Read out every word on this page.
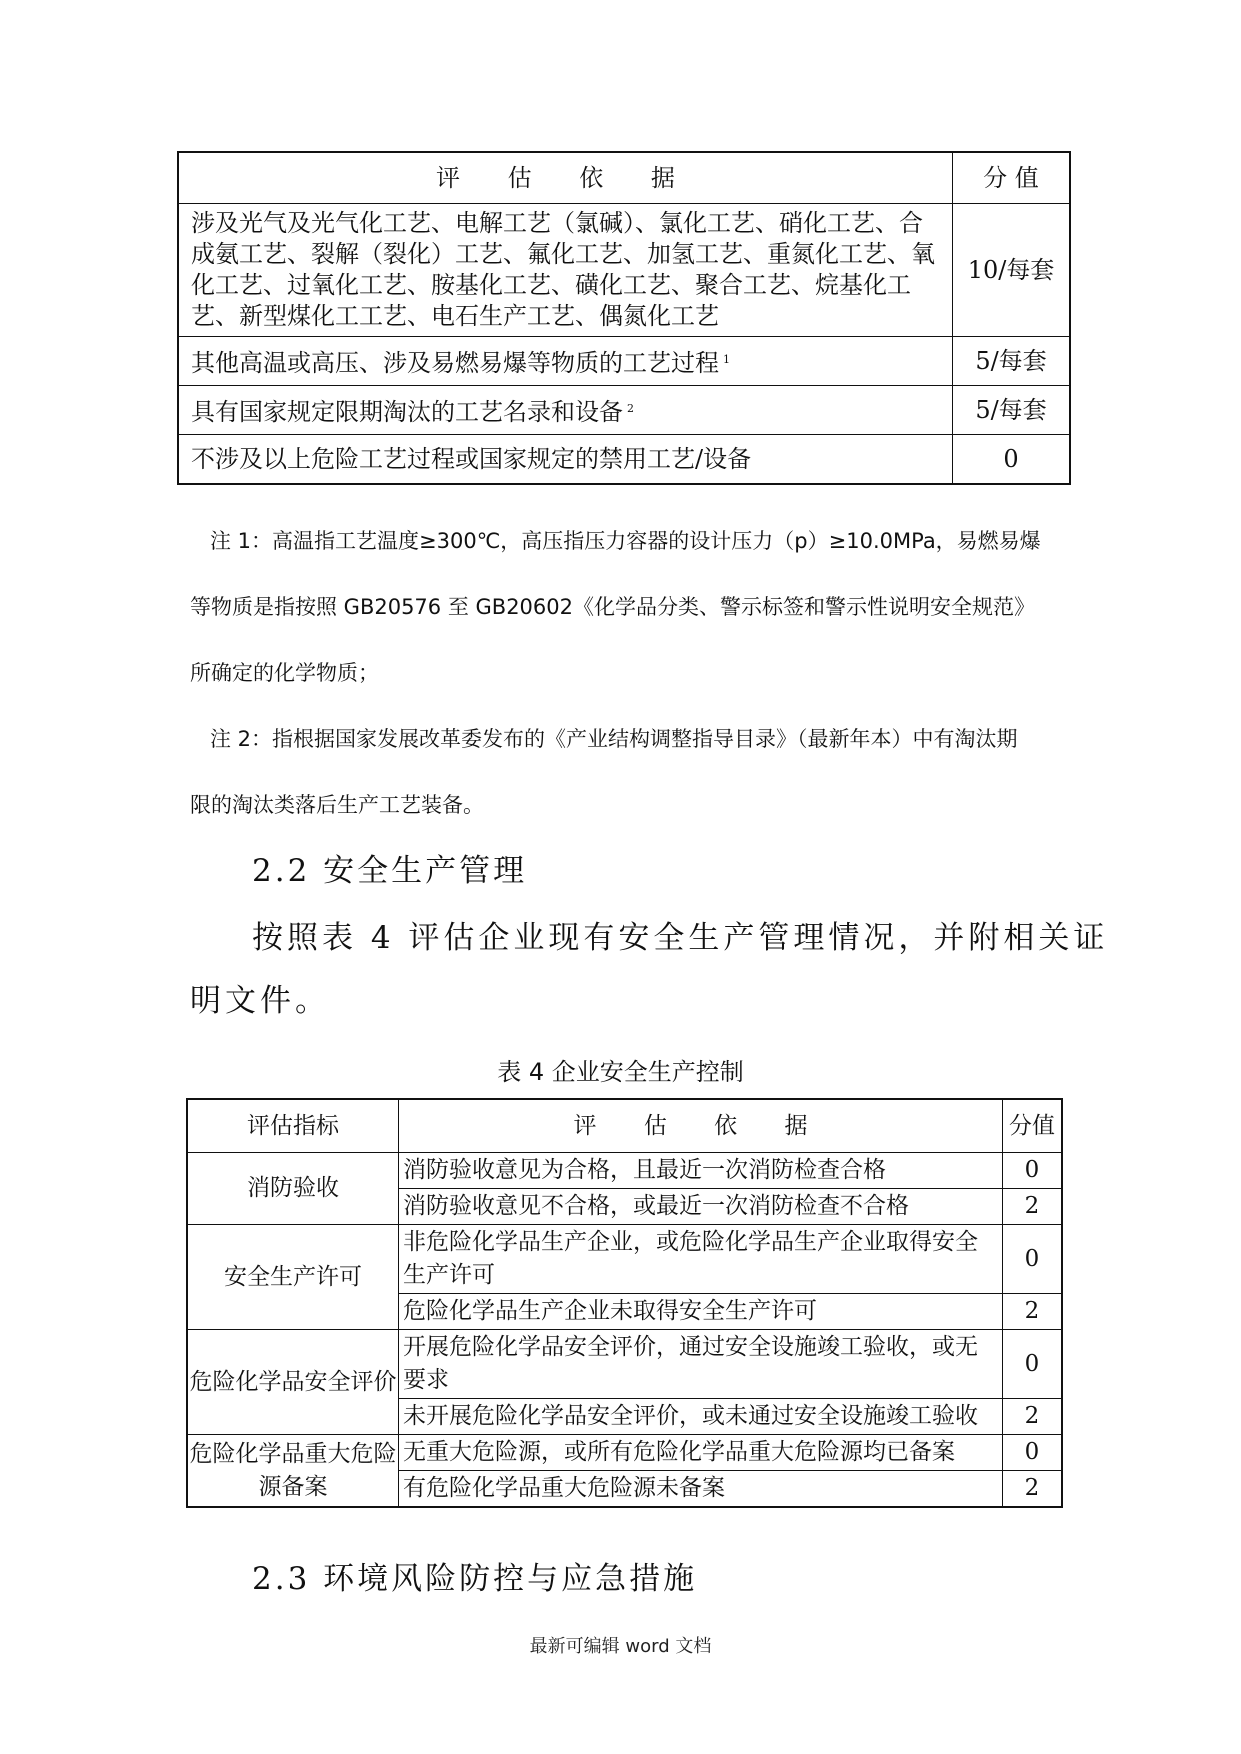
评 估 依 据	分 值
涉及光气及光气化工艺、电解工艺（氯碱）、氯化工艺、硝化工艺、合成氨工艺、裂解（裂化）工艺、氟化工艺、加氢工艺、重氮化工艺、氧化工艺、过氧化工艺、胺基化工艺、磺化工艺、聚合工艺、烷基化工艺、新型煤化工工艺、电石生产工艺、偶氮化工艺	10/每套
其他高温或高压、涉及易燃易爆等物质的工艺过程 $^1$	5/每套
具有国家规定限期淘汰的工艺名录和设备 $^2$	5/每套
不涉及以上危险工艺过程或国家规定的禁用工艺/设备	0
注 1：高温指工艺温度≥300℃，高压指压力容器的设计压力（p）≥10.0MPa，易燃易爆
等物质是指按照 GB20576 至 GB20602《化学品分类、警示标签和警示性说明安全规范》
所确定的化学物质；
注 2：指根据国家发展改革委发布的《产业结构调整指导目录》（最新年本）中有淘汰期
限的淘汰类落后生产工艺装备。
2.2 安全生产管理
按照表 4 评估企业现有安全生产管理情况，并附相关证
明文件。
表 4 企业安全生产控制
评估指标	评 估 依 据	分值
消防验收	消防验收意见为合格，且最近一次消防检查合格	0
	消防验收意见不合格，或最近一次消防检查不合格	2
安全生产许可	非危险化学品生产企业，或危险化学品生产企业取得安全生产许可	0
	危险化学品生产企业未取得安全生产许可	2
危险化学品安全评价	开展危险化学品安全评价，通过安全设施竣工验收，或无要求	0
	未开展危险化学品安全评价，或未通过安全设施竣工验收	2
危险化学品重大危险源备案	无重大危险源，或所有危险化学品重大危险源均已备案	0
	有危险化学品重大危险源未备案	2
2.3 环境风险防控与应急措施
最新可编辑 word 文档
